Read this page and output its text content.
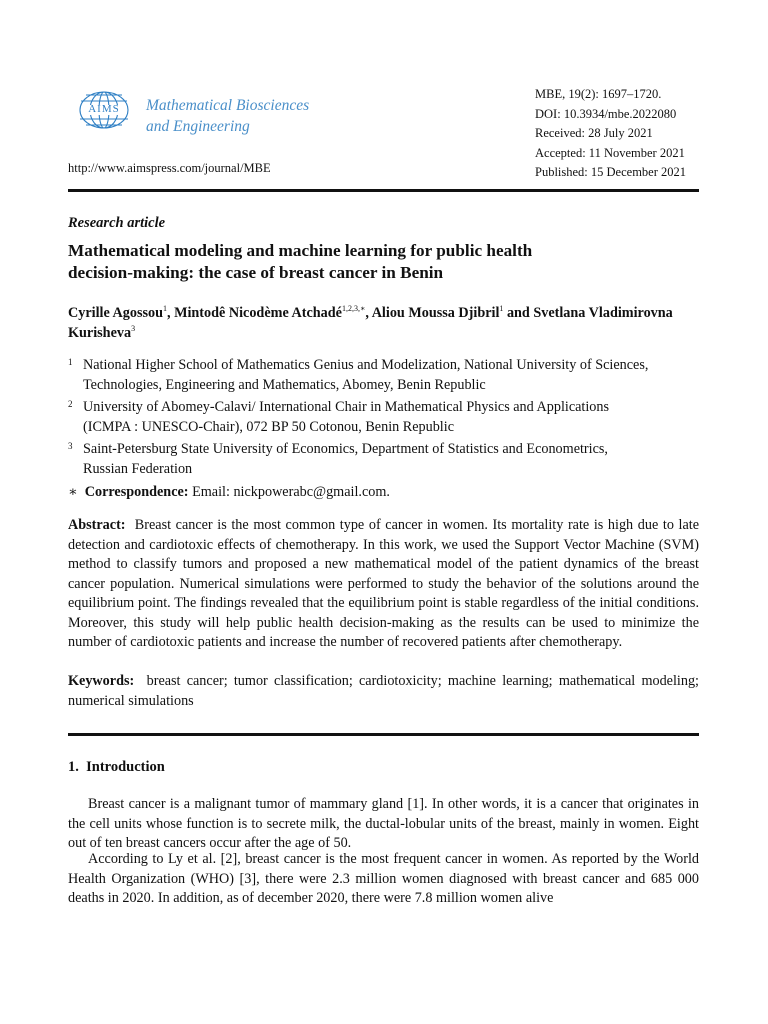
AIMS	Mathematical Biosciences
and Engineering
http://www.aimspress.com/journal/MBE
MBE, 19(2): 1697–1720.
DOI: 10.3934/mbe.2022080
Received: 28 July 2021
Accepted: 11 November 2021
Published: 15 December 2021
Research article
Mathematical modeling and machine learning for public health
decision-making: the case of breast cancer in Benin
Cyrille Agossou$^1$, Mintodê Nicodème Atchadé$^{1,2,3,∗}$, Aliou Moussa Djibril$^1$ and Svetlana Vladimirovna Kurisheva$^3$
1 National Higher School of Mathematics Genius and Modelization, National University of Sciences,
Technologies, Engineering and Mathematics, Abomey, Benin Republic
2 University of Abomey-Calavi/ International Chair in Mathematical Physics and Applications
(ICMPA : UNESCO-Chair), 072 BP 50 Cotonou, Benin Republic
3 Saint-Petersburg State University of Economics, Department of Statistics and Econometrics,
Russian Federation
∗ Correspondence: Email: nickpowerabc@gmail.com.
Abstract: Breast cancer is the most common type of cancer in women. Its mortality rate is high due to late detection and cardiotoxic effects of chemotherapy. In this work, we used the Support Vector Machine (SVM) method to classify tumors and proposed a new mathematical model of the patient dynamics of the breast cancer population. Numerical simulations were performed to study the behavior of the solutions around the equilibrium point. The findings revealed that the equilibrium point is stable regardless of the initial conditions. Moreover, this study will help public health decision-making as the results can be used to minimize the number of cardiotoxic patients and increase the number of recovered patients after chemotherapy.
Keywords: breast cancer; tumor classification; cardiotoxicity; machine learning; mathematical modeling; numerical simulations
1.  Introduction
Breast cancer is a malignant tumor of mammary gland [1]. In other words, it is a cancer that originates in the cell units whose function is to secrete milk, the ductal-lobular units of the breast, mainly in women. Eight out of ten breast cancers occur after the age of 50.
According to Ly et al. [2], breast cancer is the most frequent cancer in women. As reported by the World Health Organization (WHO) [3], there were 2.3 million women diagnosed with breast cancer and 685 000 deaths in 2020. In addition, as of december 2020, there were 7.8 million women alive
